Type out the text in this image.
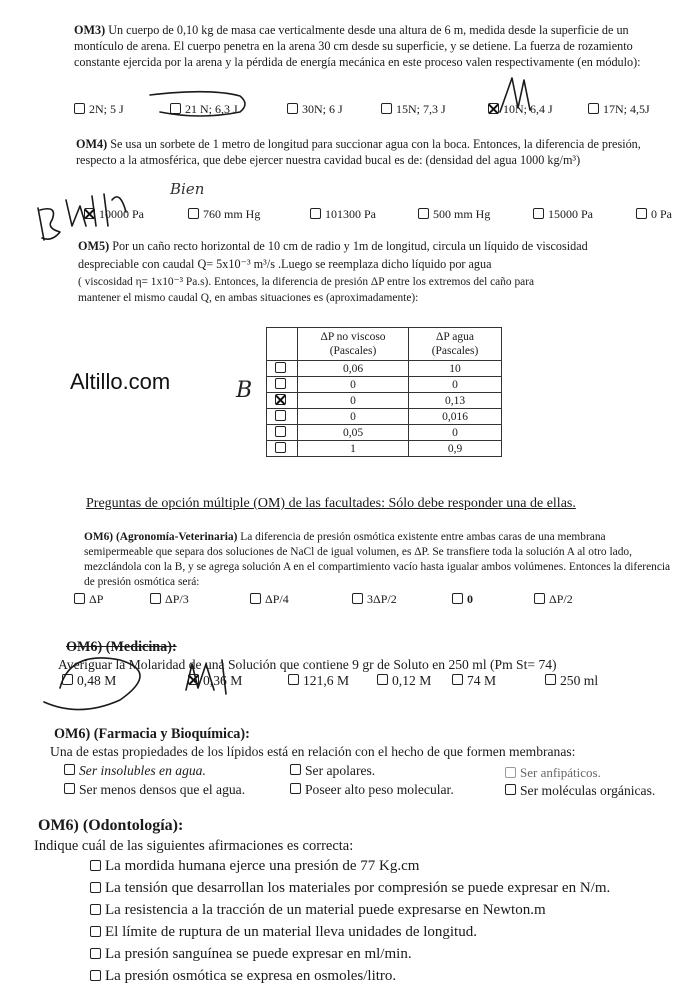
OM3) Un cuerpo de 0,10 kg de masa cae verticalmente desde una altura de 6 m, medida desde la superficie de un montículo de arena. El cuerpo penetra en la arena 30 cm desde su superficie, y se detiene. La fuerza de rozamiento constante ejercida por la arena y la pérdida de energía mecánica en este proceso valen respectivamente (en módulo):
2N; 5 J	21 N; 6,3 J	30N; 6 J	15N; 7,3 J	10N; 6,4 J	17N; 4,5J
OM4) Se usa un sorbete de 1 metro de longitud para succionar agua con la boca. Entonces, la diferencia de presión, respecto a la atmosférica, que debe ejercer nuestra cavidad bucal es de: (densidad del agua 1000 kg/m³)
Bien
10000 Pa	760 mm Hg	101300 Pa	500 mm Hg	15000 Pa	0 Pa
OM5) Por un caño recto horizontal de 10 cm de radio y 1m de longitud, circula un líquido de viscosidad
despreciable con caudal Q= 5x10⁻³ m³/s .Luego se reemplaza dicho líquido por agua
( viscosidad η= 1x10⁻³ Pa.s). Entonces, la diferencia de presión ΔP entre los extremos del caño para
mantener el mismo caudal Q, en ambas situaciones es (aproximadamente):
Altillo.com	B
	ΔP no viscoso (Pascales)	ΔP agua (Pascales)
	0,06	10
	0	0
	0	0,13
	0	0,016
	0,05	0
	1	0,9
Preguntas de opción múltiple (OM) de las facultades: Sólo debe responder una de ellas.
OM6) (Agronomía-Veterinaria) La diferencia de presión osmótica existente entre ambas caras de una membrana semipermeable que separa dos soluciones de NaCl de igual volumen, es ΔP. Se transfiere toda la solución A al otro lado, mezclándola con la B, y se agrega solución A en el compartimiento vacío hasta igualar ambos volúmenes. Entonces la diferencia de presión osmótica será:
ΔP	ΔP/3	ΔP/4	3ΔP/2	0	ΔP/2
OM6) (Medicina):
Averiguar la Molaridad de una Solución que contiene 9 gr de Soluto en 250 ml (Pm St= 74)
0,48 M	0,36 M	121,6 M	0,12 M	74 M	250 ml
OM6) (Farmacia y Bioquímica):
Una de estas propiedades de los lípidos está en relación con el hecho de que formen membranas:
Ser insolubles en agua.	Ser apolares.	Ser anfipáticos.
Ser menos densos que el agua.	Poseer alto peso molecular.	Ser moléculas orgánicas.
OM6) (Odontología):
Indique cuál de las siguientes afirmaciones es correcta:
La mordida humana ejerce una presión de 77 Kg.cm
La tensión que desarrollan los materiales por compresión se puede expresar en N/m.
La resistencia a la tracción de un material puede expresarse en Newton.m
El límite de ruptura de un material lleva unidades de longitud.
La presión sanguínea se puede expresar en ml/min.
La presión osmótica se expresa en osmoles/litro.
